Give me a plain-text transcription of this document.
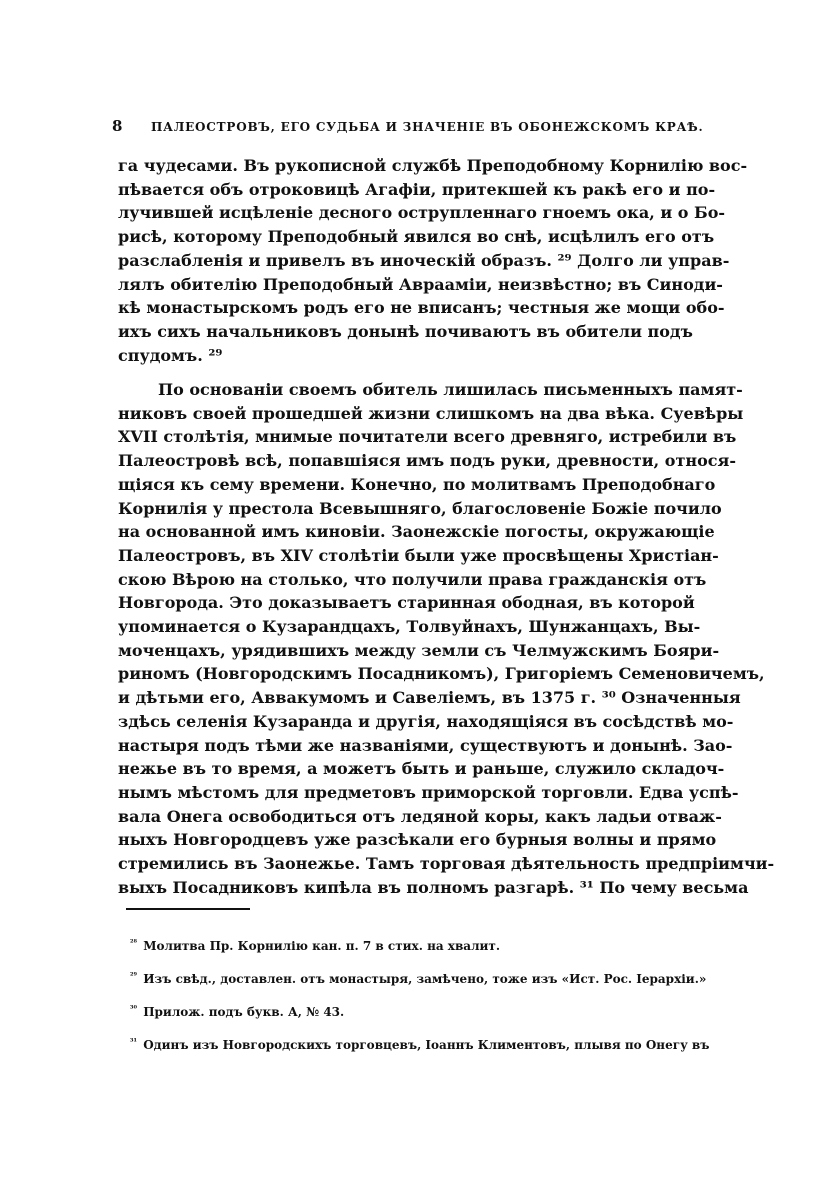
8 ПАЛЕОСТРОВЪ, ЕГО СУДЬБА И ЗНАЧЕНІЕ ВЪ ОБОНЕЖСКОМЪ КРАѢ.
га чудесами. Въ рукописной службѣ Преподобному Корнилію вос-
пѣвается объ отроковицѣ Агафіи, притекшей къ ракѣ его и по-
лучившей исцѣленіе десного острупленнаго гноемъ ока, и о Бо-
рисѣ, которому Преподобный явился во снѣ, исцѣлилъ его отъ
разслабленія и привелъ въ иноческій образъ. ²⁹ Долго ли управ-
лялъ обителію Преподобный Аврааміи, неизвѣстно; въ Синоди-
кѣ монастырскомъ родъ его не вписанъ; честныя же мощи обо-
ихъ сихъ начальниковъ донынѣ почиваютъ въ обители подъ
спудомъ. ²⁹
По основаніи своемъ обитель лишилась письменныхъ памят-
никовъ своей прошедшей жизни слишкомъ на два вѣка. Суевѣры
XVII столѣтія, мнимые почитатели всего древняго, истребили въ
Палеостровѣ всѣ, попавшіяся имъ подъ руки, древности, относя-
щіяся къ сему времени. Конечно, по молитвамъ Преподобнаго
Корнилія у престола Всевышняго, благословеніе Божіе почило
на основанной имъ киновіи. Заонежскіе погосты, окружающіе
Палеостровъ, въ XIV столѣтіи были уже просвѣщены Христіан-
скою Вѣрою на столько, что получили права гражданскія отъ
Новгорода. Это доказываетъ старинная ободная, въ которой
упоминается о Кузарандцахъ, Толвуйнахъ, Шунжанцахъ, Вы-
моченцахъ, урядившихъ между земли съ Челмужскимъ Бояри-
риномъ (Новгородскимъ Посадникомъ), Григоріемъ Семеновичемъ,
и дѣтьми его, Аввакумомъ и Савеліемъ, въ 1375 г. ³⁰ Означенныя
здѣсь селенія Кузаранда и другія, находящіяся въ сосѣдствѣ мо-
настыря подъ тѣми же названіями, существуютъ и донынѣ. Зао-
нежье въ то время, а можетъ быть и раньше, служило складоч-
нымъ мѣстомъ для предметовъ приморской торговли. Едва успѣ-
вала Онега освободиться отъ ледяной коры, какъ ладьи отваж-
ныхъ Новгородцевъ уже разсѣкали его бурныя волны и прямо
стремились въ Заонежье. Тамъ торговая дѣятельность предпріимчи-
выхъ Посадниковъ кипѣла въ полномъ разгарѣ. ³¹ По чему весьма
$^{^{28}}$ Молитва Пр. Корнилію кан. п. 7 в стих. на хвалит.
$^{^{29}}$ Изъ свѣд., доставлен. отъ монастыря, замѣчено, тоже изъ «Ист. Рос. Іерархіи.»
$^{^{30}}$ Прилож. подъ букв. А, № 43.
$^{^{31}}$ Одинъ изъ Новгородскихъ торговцевъ, Іоаннъ Климентовъ, плывя по Онегу въ
